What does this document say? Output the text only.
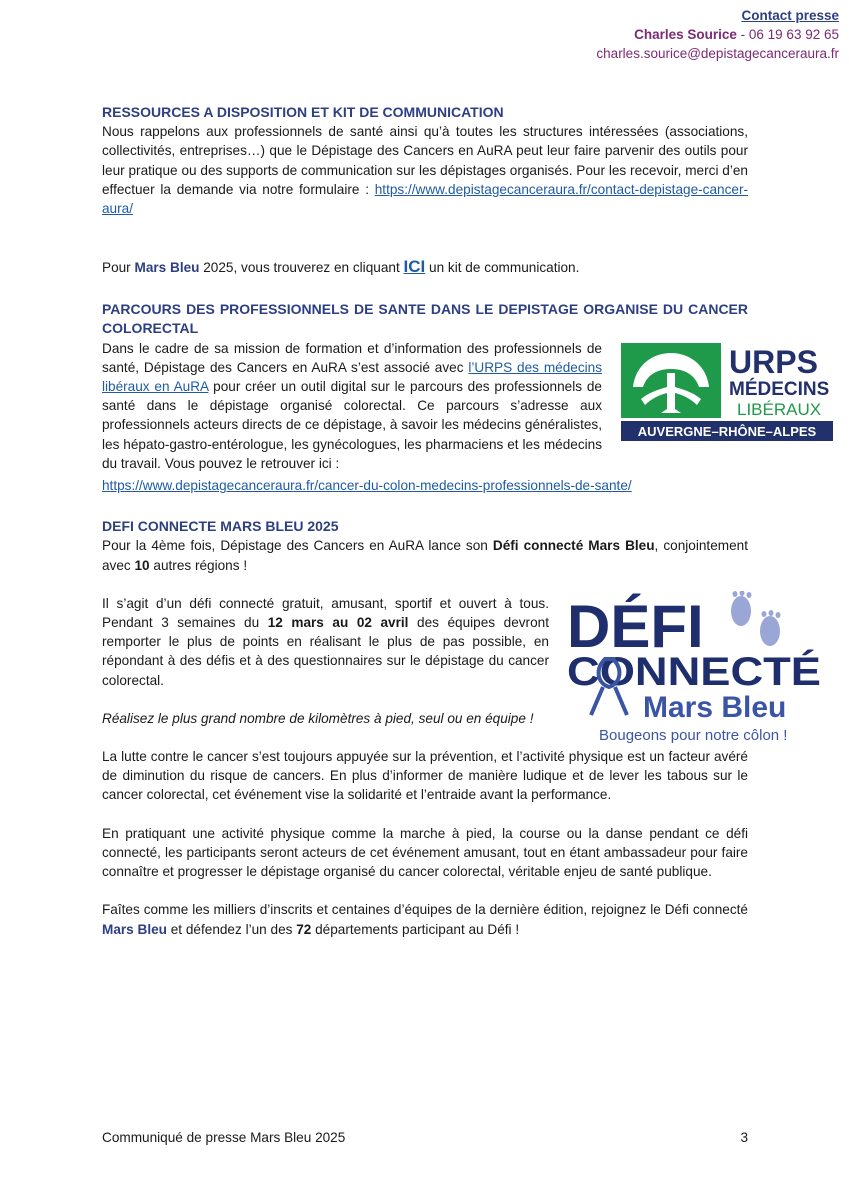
Contact presse
Charles Sourice - 06 19 63 92 65
charles.sourice@depistagecanceraura.fr
RESSOURCES A DISPOSITION ET KIT DE COMMUNICATION

Nous rappelons aux professionnels de santé ainsi qu’à toutes les structures intéressées (associations, collectivités, entreprises…) que le Dépistage des Cancers en AuRA peut leur faire parvenir des outils pour leur pratique ou des supports de communication sur les dépistages organisés. Pour les recevoir, merci d’en effectuer la demande via notre formulaire : https://www.depistagecanceraura.fr/contact-depistage-cancer-aura/

Pour Mars Bleu 2025, vous trouverez en cliquant ICI un kit de communication.

PARCOURS DES PROFESSIONNELS DE SANTE DANS LE DEPISTAGE ORGANISE DU CANCER COLORECTAL

Dans le cadre de sa mission de formation et d’information des professionnels de santé, Dépistage des Cancers en AuRA s’est associé avec l’URPS des médecins libéraux en AuRA pour créer un outil digital sur le parcours des professionnels de santé dans le dépistage organisé colorectal. Ce parcours s’adresse aux professionnels acteurs directs de ce dépistage, à savoir les médecins généralistes, les hépato-gastro-entérologue, les gynécologues, les pharmaciens et les médecins du travail. Vous pouvez le retrouver ici :

https://www.depistagecanceraura.fr/cancer-du-colon-medecins-professionnels-de-sante/

DEFI CONNECTE MARS BLEU 2025

Pour la 4ème fois, Dépistage des Cancers en AuRA lance son Défi connecté Mars Bleu, conjointement avec 10 autres régions !

Il s’agit d’un défi connecté gratuit, amusant, sportif et ouvert à tous. Pendant 3 semaines du 12 mars au 02 avril des équipes devront remporter le plus de points en réalisant le plus de pas possible, en répondant à des défis et à des questionnaires sur le dépistage du cancer colorectal.

Réalisez le plus grand nombre de kilomètres à pied, seul ou en équipe !

La lutte contre le cancer s’est toujours appuyée sur la prévention, et l’activité physique est un facteur avéré de diminution du risque de cancers. En plus d’informer de manière ludique et de lever les tabous sur le cancer colorectal, cet événement vise la solidarité et l’entraide avant la performance.

En pratiquant une activité physique comme la marche à pied, la course ou la danse pendant ce défi connecté, les participants seront acteurs de cet événement amusant, tout en étant ambassadeur pour faire connaître et progresser le dépistage organisé du cancer colorectal, véritable enjeu de santé publique.

Faîtes comme les milliers d’inscrits et centaines d’équipes de la dernière édition, rejoignez le Défi connecté Mars Bleu et défendez l’un des 72 départements participant au Défi !

URPS
MÉDECINS
LIBÉRAUX
AUVERGNE–RHÔNE–ALPES
DÉFI
CONNECTÉ
Mars Bleu
Bougeons pour notre côlon !
Communiqué de presse Mars Bleu 2025	3
